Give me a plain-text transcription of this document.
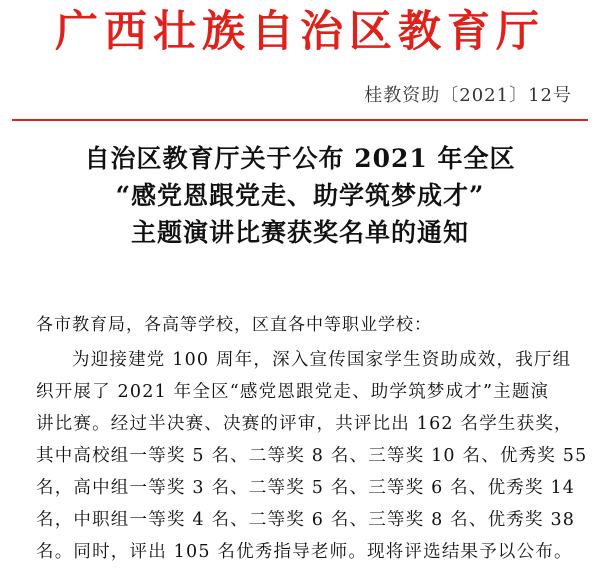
广西壮族自治区教育厅
桂教资助〔2021〕12号
自治区教育厅关于公布 2021 年全区
“感党恩跟党走、助学筑梦成才”
主题演讲比赛获奖名单的通知
各市教育局，各高等学校，区直各中等职业学校：
为迎接建党 100 周年，深入宣传国家学生资助成效，我厅组
织开展了 2021 年全区“感党恩跟党走、助学筑梦成才”主题演
讲比赛。经过半决赛、决赛的评审，共评比出 162 名学生获奖，
其中高校组一等奖 5 名、二等奖 8 名、三等奖 10 名、优秀奖 55
名，高中组一等奖 3 名、二等奖 5 名、三等奖 6 名、优秀奖 14
名，中职组一等奖 4 名、二等奖 6 名、三等奖 8 名、优秀奖 38
名。同时，评出 105 名优秀指导老师。现将评选结果予以公布。
